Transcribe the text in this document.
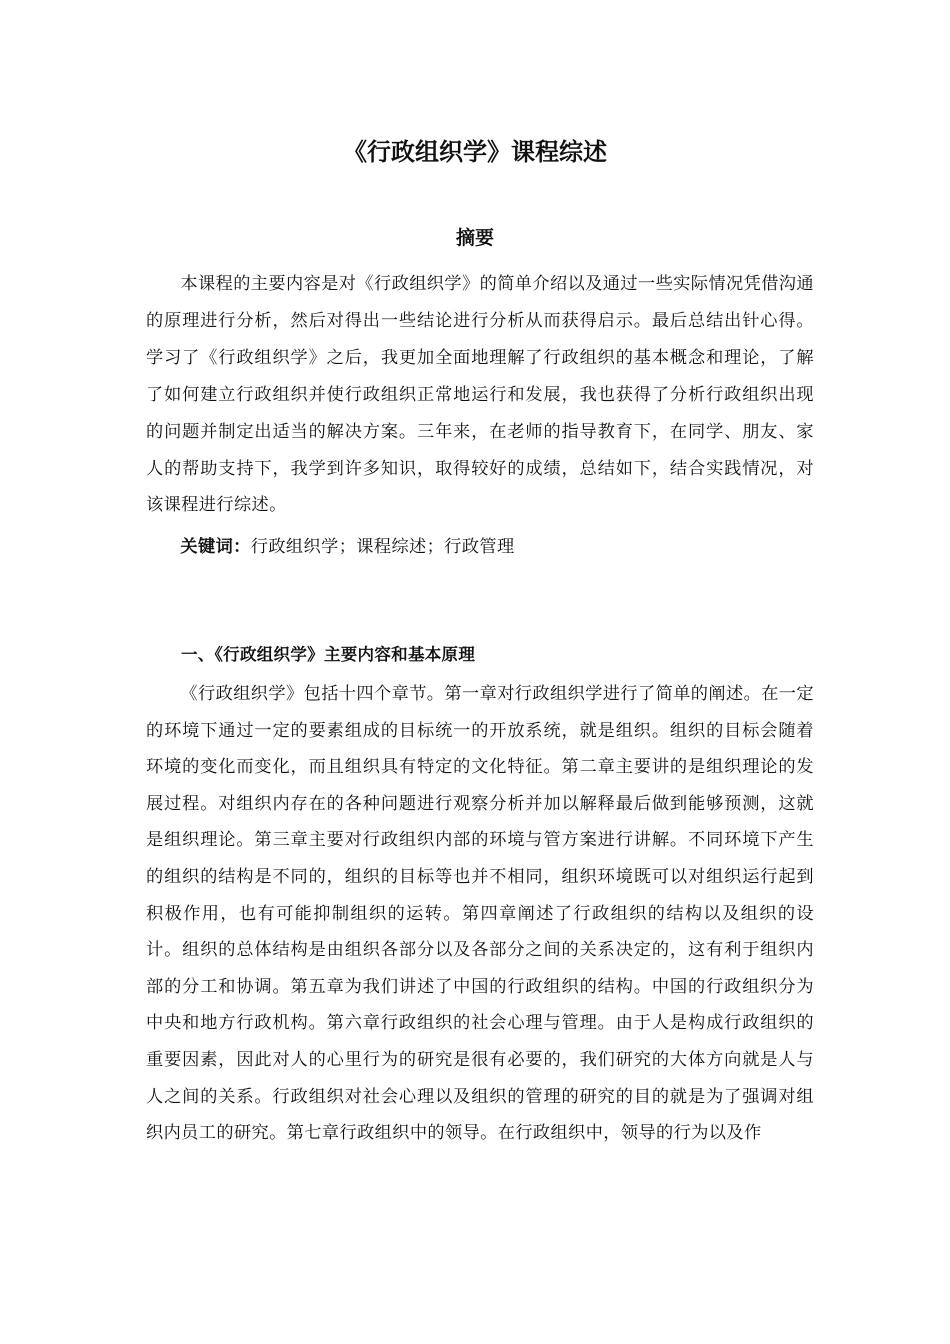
《行政组织学》课程综述
摘要

本课程的主要内容是对《行政组织学》的简单介绍以及通过一些实际情况凭借沟通的原理进行分析，然后对得出一些结论进行分析从而获得启示。最后总结出针心得。学习了《行政组织学》之后，我更加全面地理解了行政组织的基本概念和理论，了解了如何建立行政组织并使行政组织正常地运行和发展，我也获得了分析行政组织出现的问题并制定出适当的解决方案。三年来，在老师的指导教育下，在同学、朋友、家人的帮助支持下，我学到许多知识，取得较好的成绩，总结如下，结合实践情况，对该课程进行综述。

关键词：行政组织学；课程综述；行政管理

一、《行政组织学》主要内容和基本原理

《行政组织学》包括十四个章节。第一章对行政组织学进行了简单的阐述。在一定的环境下通过一定的要素组成的目标统一的开放系统，就是组织。组织的目标会随着环境的变化而变化，而且组织具有特定的文化特征。第二章主要讲的是组织理论的发展过程。对组织内存在的各种问题进行观察分析并加以解释最后做到能够预测，这就是组织理论。第三章主要对行政组织内部的环境与管方案进行讲解。不同环境下产生的组织的结构是不同的，组织的目标等也并不相同，组织环境既可以对组织运行起到积极作用，也有可能抑制组织的运转。第四章阐述了行政组织的结构以及组织的设计。组织的总体结构是由组织各部分以及各部分之间的关系决定的，这有利于组织内部的分工和协调。第五章为我们讲述了中国的行政组织的结构。中国的行政组织分为中央和地方行政机构。第六章行政组织的社会心理与管理。由于人是构成行政组织的重要因素，因此对人的心里行为的研究是很有必要的，我们研究的大体方向就是人与人之间的关系。行政组织对社会心理以及组织的管理的研究的目的就是为了强调对组织内员工的研究。第七章行政组织中的领导。在行政组织中，领导的行为以及作
